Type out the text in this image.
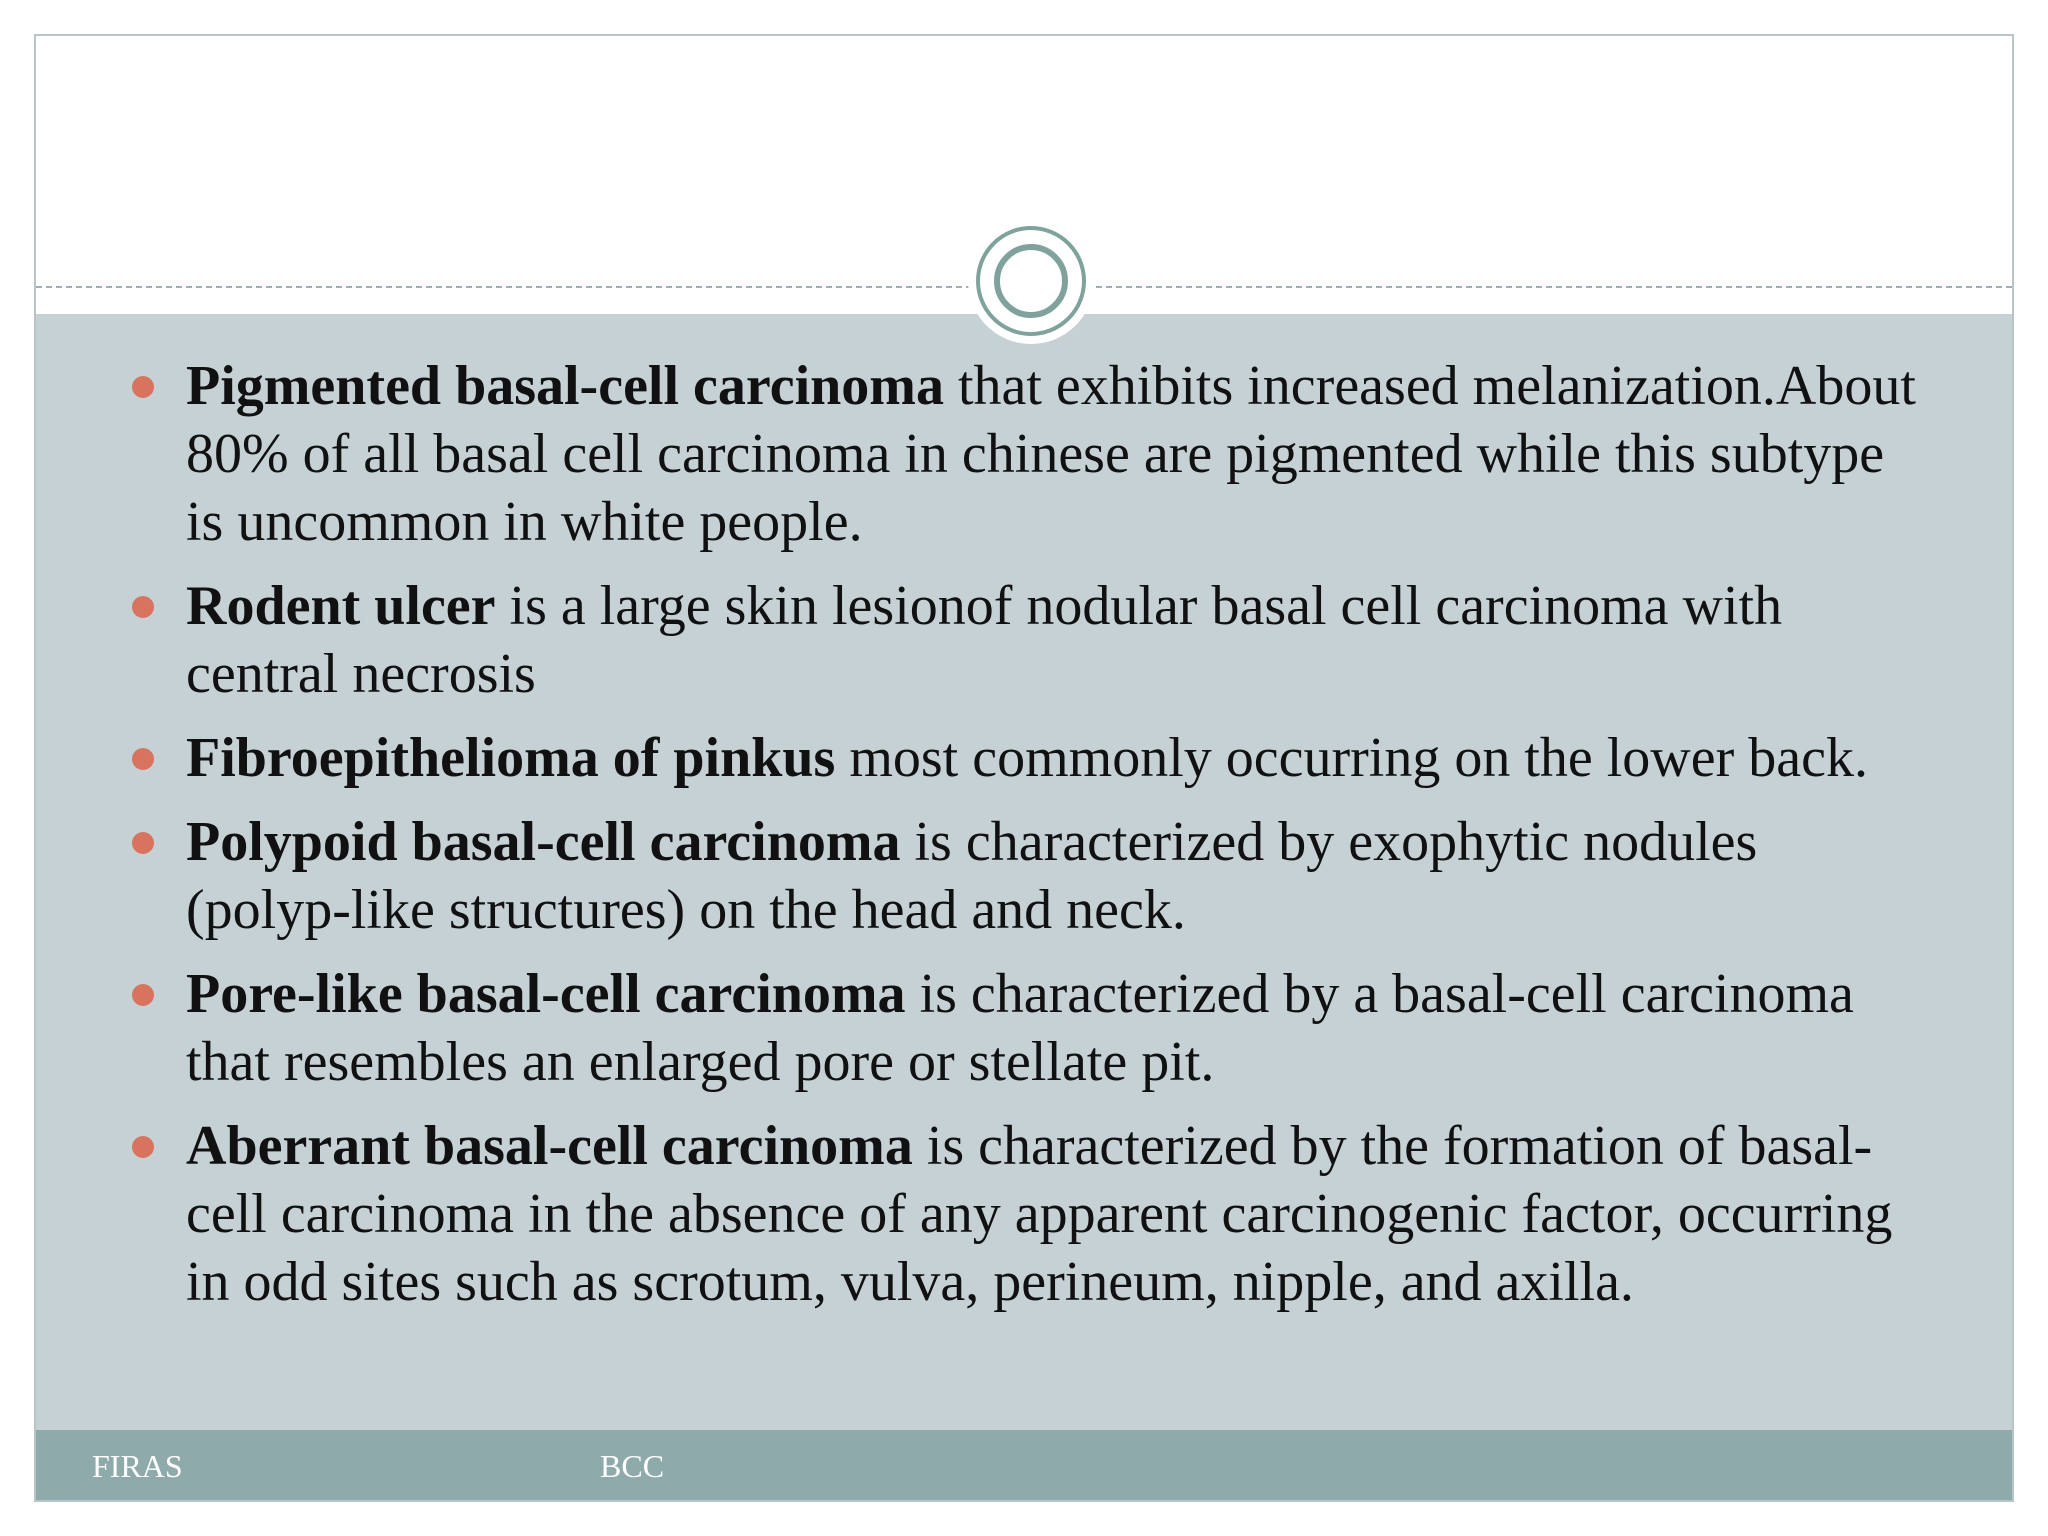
Pigmented basal-cell carcinoma that exhibits increased melanization.About 80% of all basal cell carcinoma in chinese are pigmented while this subtype is uncommon in white people.
Rodent ulcer is a large skin lesionof nodular basal cell carcinoma with central necrosis
Fibroepithelioma of pinkus most commonly occurring on the lower back.
Polypoid basal-cell carcinoma is characterized by exophytic nodules (polyp-like structures) on the head and neck.
Pore-like basal-cell carcinoma is characterized by a basal-cell carcinoma that resembles an enlarged pore or stellate pit.
Aberrant basal-cell carcinoma is characterized by the formation of basal-cell carcinoma in the absence of any apparent carcinogenic factor, occurring in odd sites such as scrotum, vulva, perineum, nipple, and axilla.
FIRAS	BCC
